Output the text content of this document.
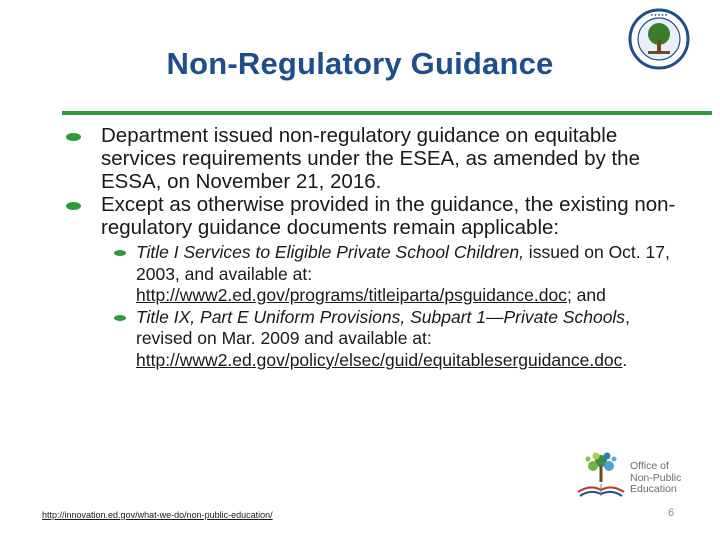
● ● ● ● ●
Non-Regulatory Guidance

Department issued non-regulatory guidance on equitable services requirements under the ESEA, as amended by the ESSA, on November 21, 2016.

Except as otherwise provided in the guidance, the existing non-regulatory guidance documents remain applicable:

Title I Services to Eligible Private School Children, issued on Oct. 17, 2003, and available at: http://www2.ed.gov/programs/titleiparta/psguidance.doc; and

Title IX, Part E Uniform Provisions, Subpart 1—Private Schools, revised on Mar. 2009 and available at: http://www2.ed.gov/policy/elsec/guid/equitableserguidance.doc.

Office of
Non-Public
Education
http://innovation.ed.gov/what-we-do/non-public-education/	6
